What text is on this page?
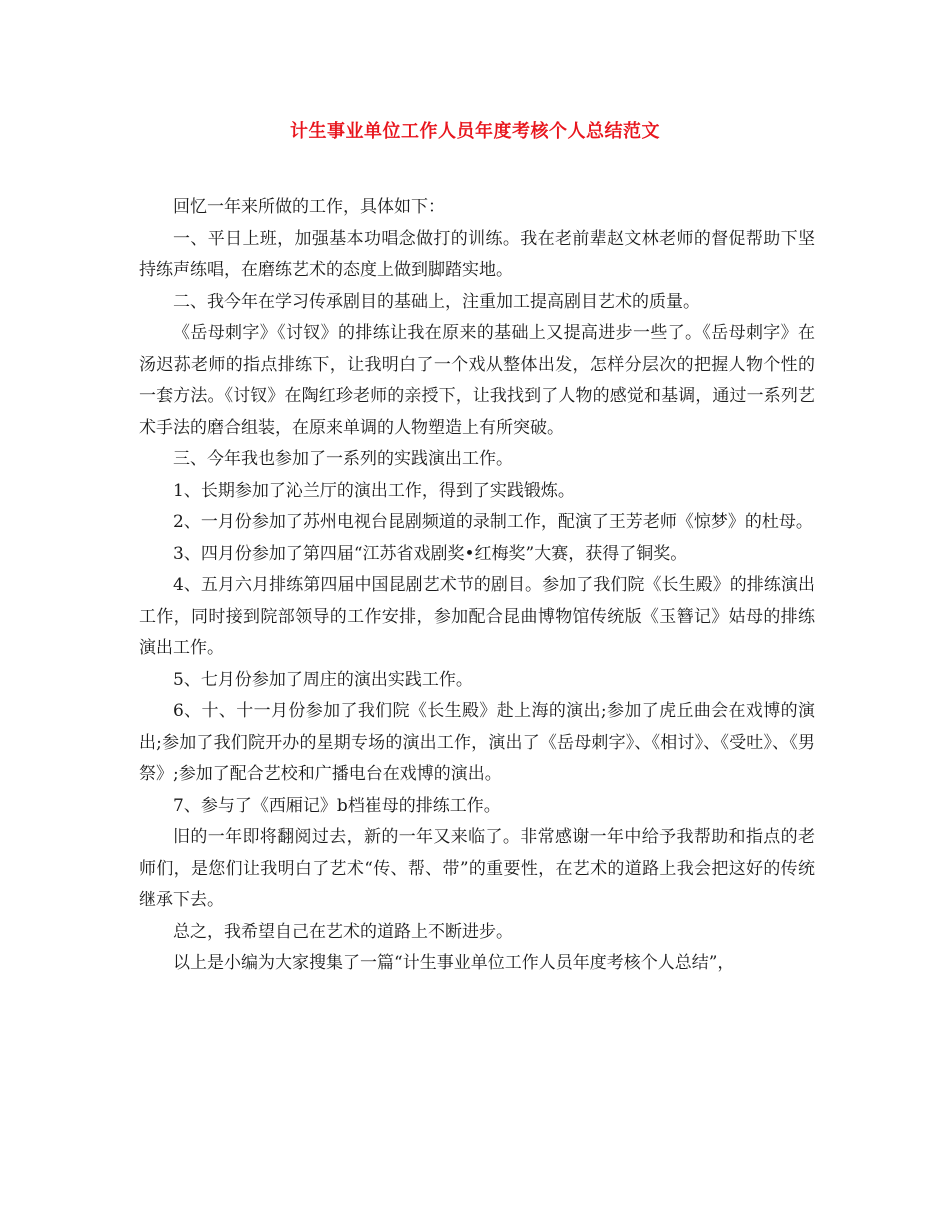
计生事业单位工作人员年度考核个人总结范文

回忆一年来所做的工作，具体如下：

一、平日上班，加强基本功唱念做打的训练。我在老前辈赵文林老师的督促帮助下坚持练声练唱，在磨练艺术的态度上做到脚踏实地。

二、我今年在学习传承剧目的基础上，注重加工提高剧目艺术的质量。

《岳母刺字》《讨钗》的排练让我在原来的基础上又提高进步一些了。《岳母刺字》在汤迟荪老师的指点排练下，让我明白了一个戏从整体出发，怎样分层次的把握人物个性的一套方法。《讨钗》在陶红珍老师的亲授下，让我找到了人物的感觉和基调，通过一系列艺术手法的磨合组装，在原来单调的人物塑造上有所突破。

三、今年我也参加了一系列的实践演出工作。

1、长期参加了沁兰厅的演出工作，得到了实践锻炼。

2、一月份参加了苏州电视台昆剧频道的录制工作，配演了王芳老师《惊梦》的杜母。

3、四月份参加了第四届“江苏省戏剧奖•红梅奖”大赛，获得了铜奖。

4、五月六月排练第四届中国昆剧艺术节的剧目。参加了我们院《长生殿》的排练演出工作，同时接到院部领导的工作安排，参加配合昆曲博物馆传统版《玉簪记》姑母的排练演出工作。

5、七月份参加了周庄的演出实践工作。

6、十、十一月份参加了我们院《长生殿》赴上海的演出;参加了虎丘曲会在戏博的演出;参加了我们院开办的星期专场的演出工作，演出了《岳母刺字》、《相讨》、《受吐》、《男祭》;参加了配合艺校和广播电台在戏博的演出。

7、参与了《西厢记》b档崔母的排练工作。

旧的一年即将翻阅过去，新的一年又来临了。非常感谢一年中给予我帮助和指点的老师们，是您们让我明白了艺术“传、帮、带”的重要性，在艺术的道路上我会把这好的传统继承下去。

总之，我希望自己在艺术的道路上不断进步。

以上是小编为大家搜集了一篇“计生事业单位工作人员年度考核个人总结”，
